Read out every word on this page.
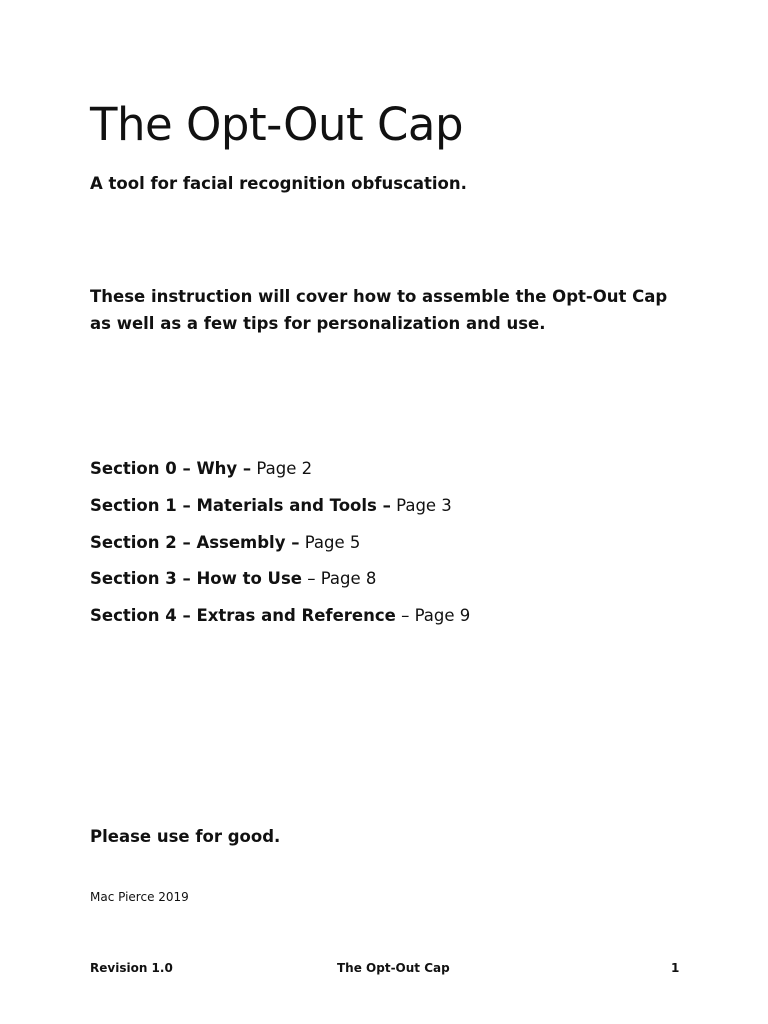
The Opt-Out Cap
A tool for facial recognition obfuscation.
These instruction will cover how to assemble the Opt-Out Cap as well as a few tips for personalization and use.
Section 0 – Why – Page 2
Section 1 – Materials and Tools – Page 3
Section 2 – Assembly – Page 5
Section 3 – How to Use – Page 8
Section 4 – Extras and Reference – Page 9
Please use for good.
Mac Pierce 2019
Revision 1.0	The Opt-Out Cap	1
